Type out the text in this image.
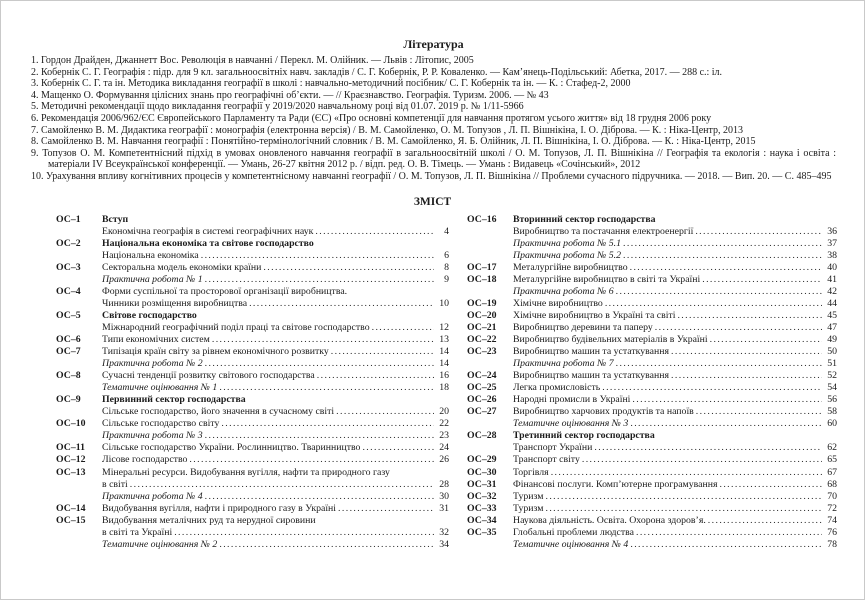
Література
1. Гордон Драйден, Джаннетт Вос. Революція в навчанні / Перекл. М. Олійник. — Львів : Літопис, 2005
2. Кобернік С. Г. Географія : підр. для 9 кл. загальноосвітніх навч. закладів / С. Г. Кобернік, Р. Р. Коваленко. — Кам’янець-Подільський: Абетка, 2017. — 288 с.: іл.
3. Кобернік С. Г. та ін. Методика викладання географії в школі : навчально-методичний посібник/ С. Г. Кобернік та ін. — К. : Стафед-2, 2000
4. Мащенко О. Формування цілісних знань про географічні об’єкти. — // Краєзнавство. Географія. Туризм. 2006. — № 43
5. Методичні рекомендації щодо викладання географії у 2019/2020 навчальному році від 01.07. 2019 р. № 1/11-5966
6. Рекомендація 2006/962/ЄС Європейського Парламенту та Ради (ЄС) «Про основні компетенції для навчання протягом усього життя» від 18 грудня 2006 року
7. Самойленко В. М. Дидактика географії : монографія (електронна версія) / В. М. Самойленко, О. М. Топузов , Л. П. Вішнікіна, І. О. Діброва. — К. : Ніка-Центр, 2013
8. Самойленко В. М. Навчання географії : Понятійно-термінологічний словник / В. М. Самойленко, Я. Б. Олійник, Л. П. Вішнікіна, І. О. Діброва. — К. : Ніка-Центр, 2015
9. Топузов О. М. Компетентнісний підхід в умовах оновленого навчання географії в загальноосвітній школі / О. М. Топузов, Л. П. Вішнікіна // Географія та екологія : наука і освіта : матеріали IV Всеукраїнської конференції. — Умань, 26-27 квітня 2012 р. / відп. ред. О. В. Тімець. — Умань : Видавець «Сочінський», 2012
10. Урахування впливу когнітивних процесів у компетентнісному навчанні географії / О. М. Топузов, Л. П. Вішнікіна // Проблеми сучасного підручника. — 2018. — Вип. 20. — С. 485–495
ЗМІСТ
ОС–1	Вступ
Економічна географія в системі географічних наук .....	4
ОС–2	Національна економіка та світове господарство
Національна економіка .....	6
ОС–3	Секторальна модель економіки країни .....	8
Практична робота № 1 .....	9
ОС–4	Форми суспільної та просторової організації виробництва.
Чинники розміщення виробництва .....	10
ОС–5	Світове господарство
Міжнародний географічний поділ праці та світове господарство .....	12
ОС–6	Типи економічних систем .....	13
ОС–7	Типізація країн світу за рівнем економічного розвитку .....	14
Практична робота № 2 .....	14
ОС–8	Сучасні тенденції розвитку світового господарства .....	16
Тематичне оцінювання № 1 .....	18
ОС–9	Первинний сектор господарства
Сільське господарство, його значення в сучасному світі .....	20
ОС–10	Сільське господарство світу .....	22
Практична робота № 3 .....	23
ОС–11	Сільське господарство України. Рослинництво. Тваринництво .....	24
ОС–12	Лісове господарство .....	26
ОС–13	Мінеральні ресурси. Видобування вугілля, нафти та природного газу
в світі .....	28
Практична робота № 4 .....	30
ОС–14	Видобування вугілля, нафти і природного газу в Україні .....	31
ОС–15	Видобування металічних руд та нерудної сировини
в світі та Україні .....	32
Тематичне оцінювання № 2 .....	34
ОС–16	Вторинний сектор господарства
Виробництво та постачання електроенергії .....	36
Практична робота № 5.1 .....	37
Практична робота № 5.2 .....	38
ОС–17	Металургійне виробництво .....	40
ОС–18	Металургійне виробництво в світі та Україні .....	41
Практична робота № 6 .....	42
ОС–19	Хімічне виробництво .....	44
ОС–20	Хімічне виробництво в Україні та світі .....	45
ОС–21	Виробництво деревини та паперу .....	47
ОС–22	Виробництво будівельних матеріалів в Україні .....	49
ОС–23	Виробництво машин та устаткування .....	50
Практична робота № 7 .....	51
ОС–24	Виробництво машин та устаткування .....	52
ОС–25	Легка промисловість .....	54
ОС–26	Народні промисли в Україні .....	56
ОС–27	Виробництво харчових продуктів та напоїв .....	58
Тематичне оцінювання № 3 .....	60
ОС–28	Третинний сектор господарства
Транспорт України .....	62
ОС–29	Транспорт світу .....	65
ОС–30	Торгівля .....	67
ОС–31	Фінансові послуги. Комп’ютерне програмування .....	68
ОС–32	Туризм .....	70
ОС–33	Туризм .....	72
ОС–34	Наукова діяльність. Освіта. Охорона здоров’я. .....	74
ОС–35	Глобальні проблеми людства .....	76
Тематичне оцінювання № 4 .....	78
